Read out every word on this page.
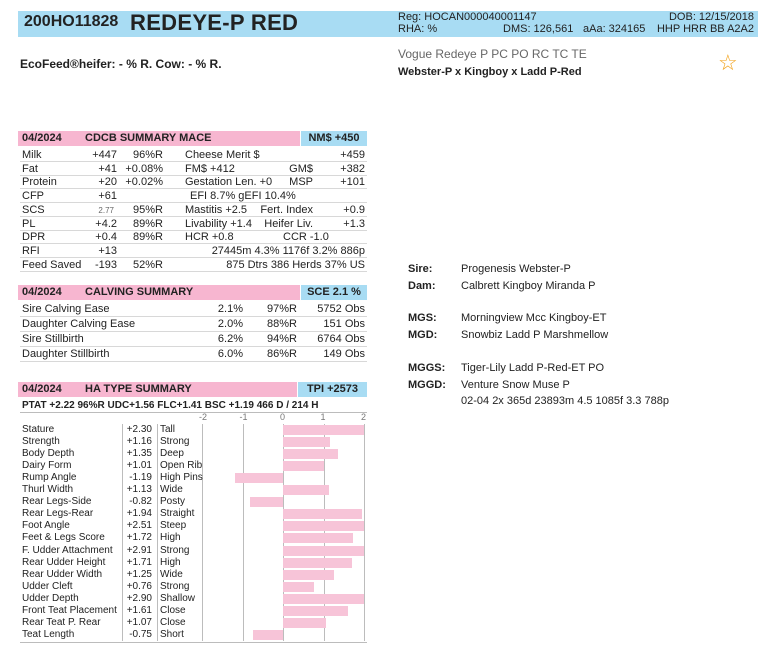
200HO11828 REDEYE-P RED	Reg: HOCAN000040001147	DOB: 12/15/2018
RHA: %	DMS: 126,561 aAa: 324165 HHP HRR BB A2A2
EcoFeed®heifer: - % R. Cow: - % R.
Vogue Redeye P PC PO RC TC TE
Webster-P x Kingboy x Ladd P-Red	☆
04/2024 CDCB SUMMARY MACE	NM$ +450
Milk	+447 96%R Cheese Merit $	+459
Fat	+41 +0.08% FM$ +412	GM$ +382
Protein	+20 +0.02% Gestation Len. +0 MSP +101
CFP	+61	EFI 8.7% gEFI 10.4%
SCS	2.77 95%R Mastitis +2.5 Fert. Index	+0.9
PL	+4.2 89%R Livability +1.4 Heifer Liv.	+1.3
DPR	+0.4 89%R HCR +0.8	CCR -1.0
RFI	+13	27445m 4.3% 1176f 3.2% 886p
Feed Saved -193 52%R	875 Dtrs 386 Herds 37% US
04/2024 CALVING SUMMARY	SCE 2.1 %
Sire Calving Ease	2.1% 97%R 5752 Obs
Daughter Calving Ease	2.0% 88%R 151 Obs
Sire Stillbirth	6.2% 94%R 6764 Obs
Daughter Stillbirth	6.0% 86%R 149 Obs
04/2024 HA TYPE SUMMARY	TPI +2573
PTAT +2.22 96%R UDC+1.56 FLC+1.41 BSC +1.19 466 D / 214 H
-2	-1	0	1	2
Stature	+2.30 Tall
Strength	+1.16 Strong
Body Depth	+1.35 Deep
Dairy Form	+1.01 Open Rib
Rump Angle	-1.19 High Pins
Thurl Width	+1.13 Wide
Rear Legs-Side	-0.82 Posty
Rear Legs-Rear	+1.94 Straight
Foot Angle	+2.51 Steep
Feet & Legs Score +1.72 High
F. Udder Attachment +2.91 Strong
Rear Udder Height +1.71 High
Rear Udder Width +1.25 Wide
Udder Cleft	+0.76 Strong
Udder Depth	+2.90 Shallow
Front Teat Placement +1.61 Close
Rear Teat P. Rear	+1.07 Close
Teat Length	-0.75 Short
Sire:	Progenesis Webster-P
Dam: Calbrett Kingboy Miranda P
MGS: Morningview Mcc Kingboy-ET
MGD: Snowbiz Ladd P Marshmellow
MGGS: Tiger-Lily Ladd P-Red-ET PO
MGGD: Venture Snow Muse P
02-04 2x 365d 23893m 4.5 1085f 3.3 788p
